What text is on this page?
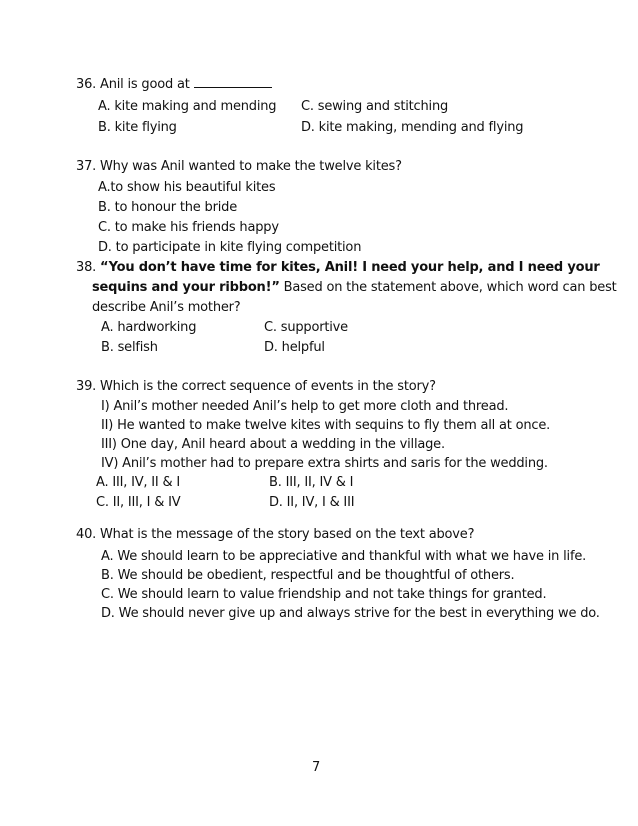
36. Anil is good at
A. kite making and mending C. sewing and stitching
B. kite flying	D. kite making, mending and flying
37. Why was Anil wanted to make the twelve kites?
A.to show his beautiful kites
B. to honour the bride
C. to make his friends happy
D. to participate in kite flying competition
38. “You don’t have time for kites, Anil! I need your help, and I need your
sequins and your ribbon!” Based on the statement above, which word can best
describe Anil’s mother?
A. hardworking	C. supportive
B. selfish	D. helpful
39. Which is the correct sequence of events in the story?
I) Anil’s mother needed Anil’s help to get more cloth and thread.
II) He wanted to make twelve kites with sequins to fly them all at once.
III) One day, Anil heard about a wedding in the village.
IV) Anil’s mother had to prepare extra shirts and saris for the wedding.
A. III, IV, II & I	B. III, II, IV & I
C. II, III, I & IV	D. II, IV, I & III
40. What is the message of the story based on the text above?
A. We should learn to be appreciative and thankful with what we have in life.
B. We should be obedient, respectful and be thoughtful of others.
C. We should learn to value friendship and not take things for granted.
D. We should never give up and always strive for the best in everything we do.
7
